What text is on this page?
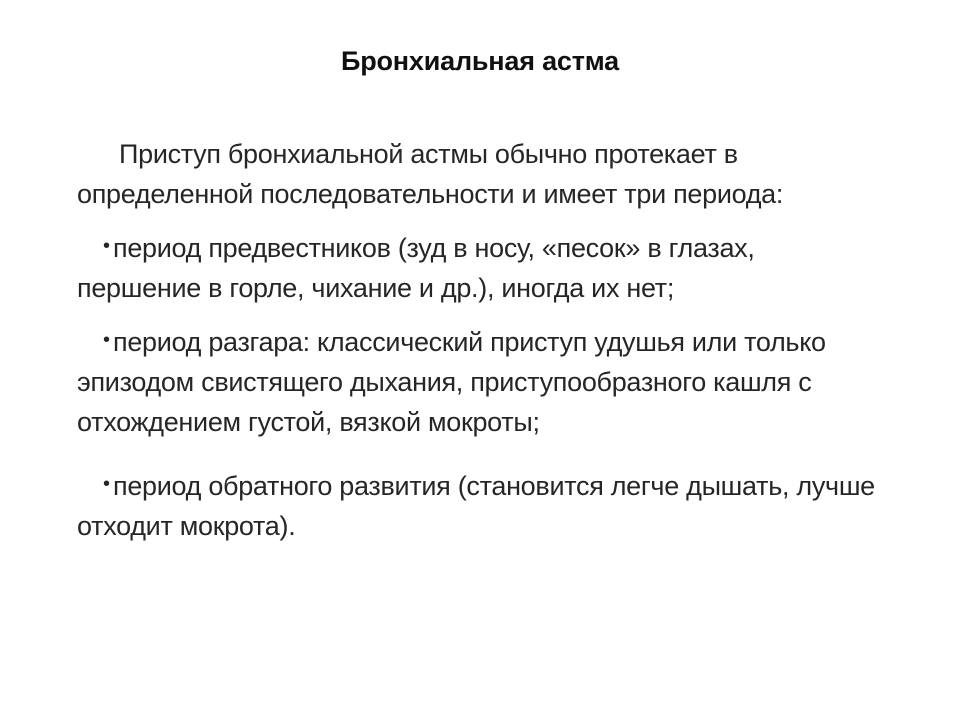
Бронхиальная астма

Приступ бронхиальной астмы обычно протекает в определенной последовательности и имеет три периода:

• период предвестников (зуд в носу, «песок» в глазах, першение в горле, чихание и др.), иногда их нет;

• период разгара: классический приступ удушья или только эпизодом свистящего дыхания, приступообразного кашля с отхождением густой, вязкой мокроты;

• период обратного развития (становится легче дышать, лучше отходит мокрота).
